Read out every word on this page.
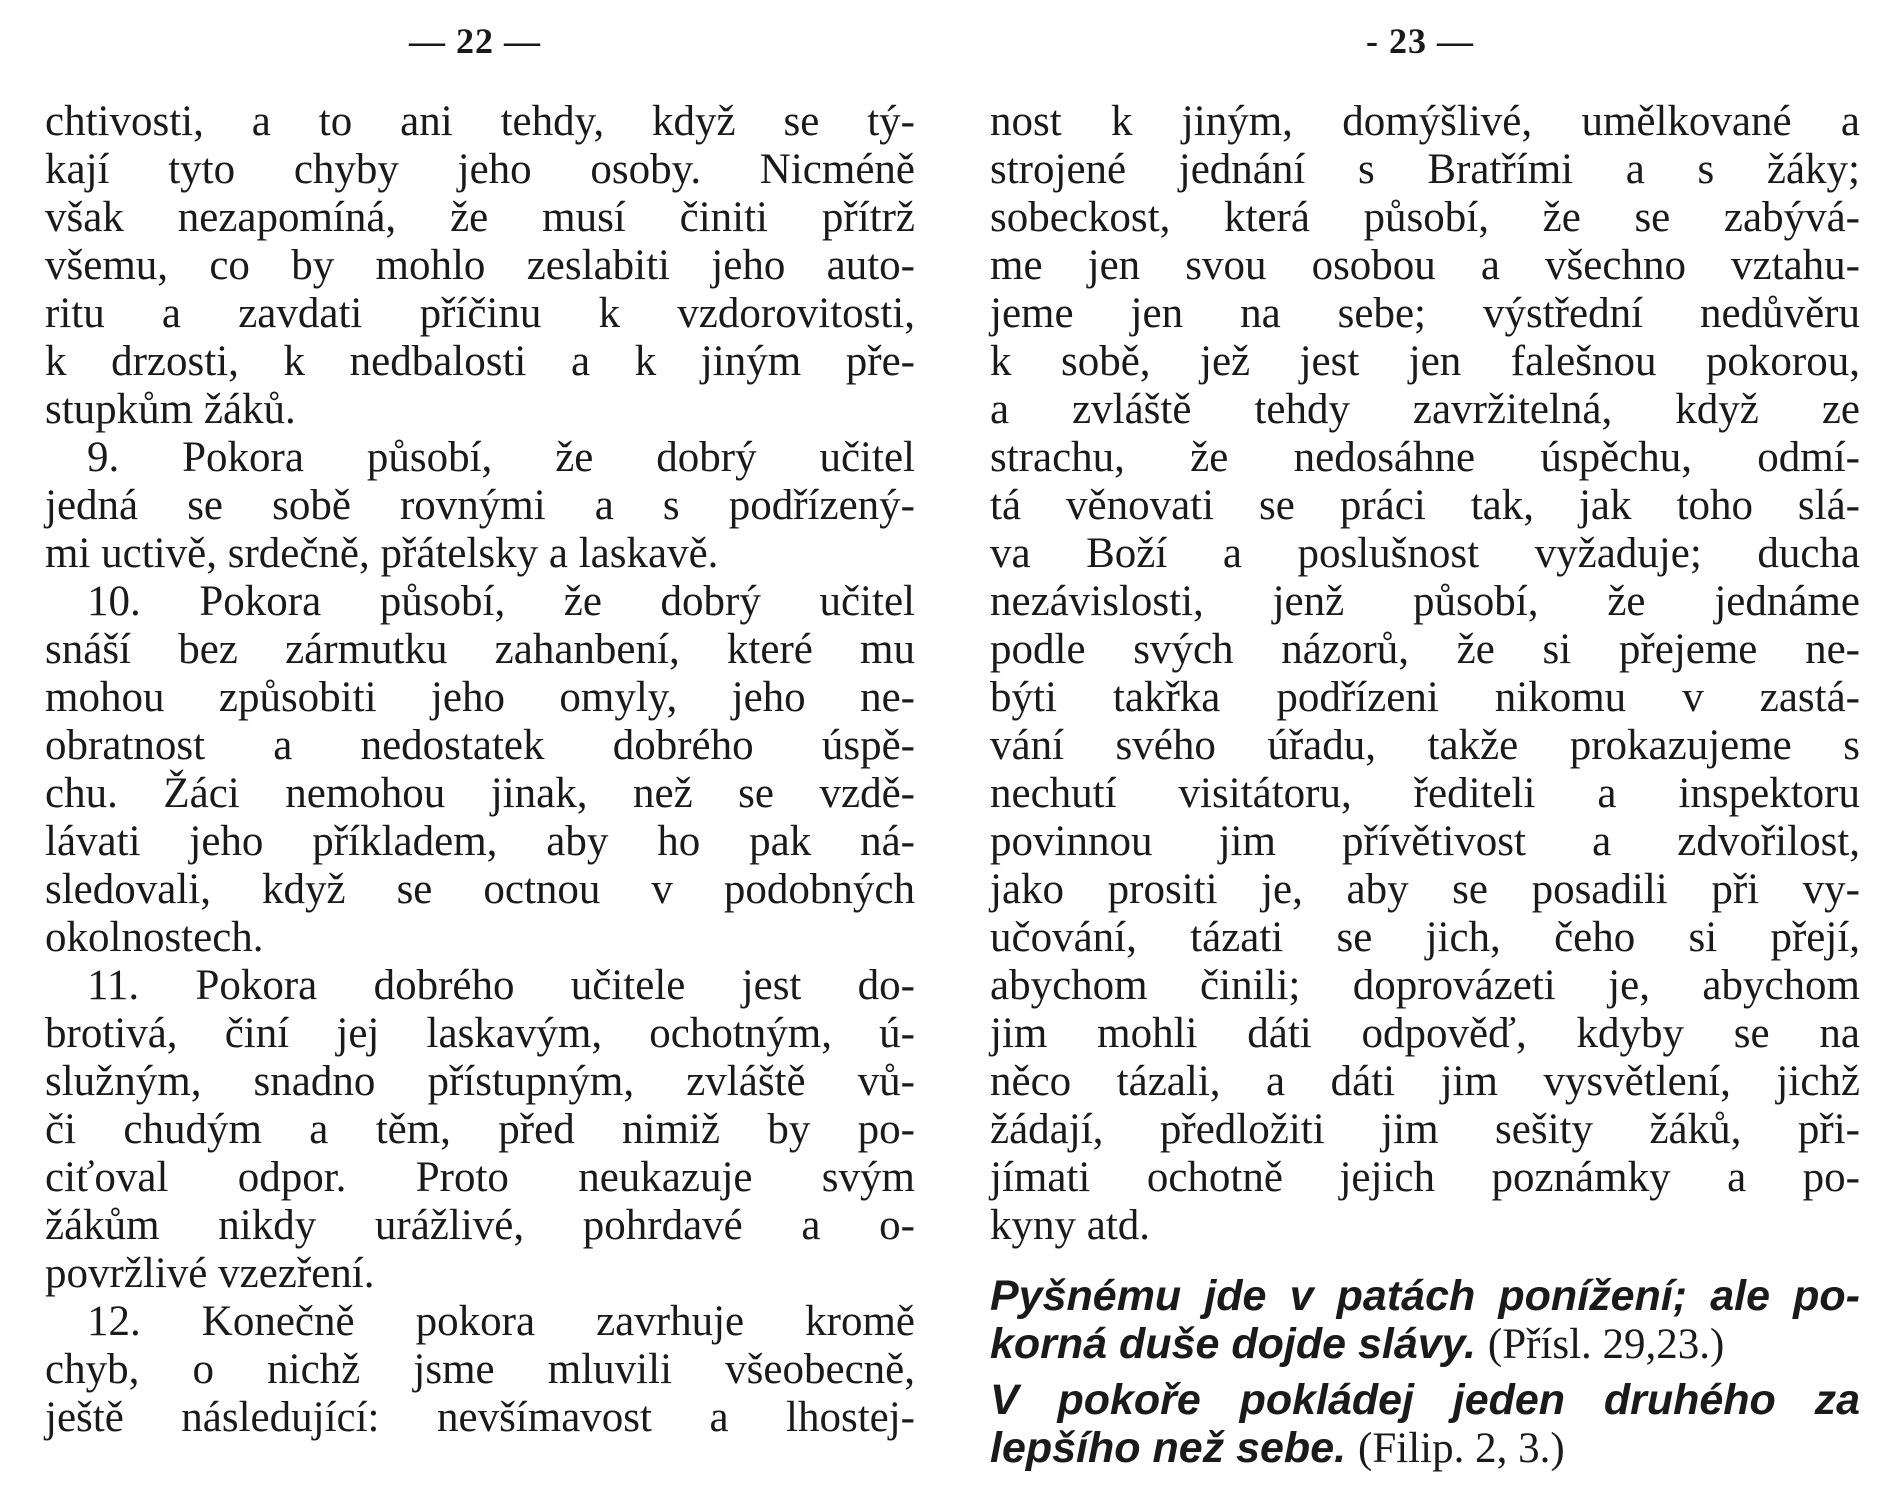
— 22 —
chtivosti, a to ani tehdy, když se tý-
kají tyto chyby jeho osoby. Nicméně
však nezapomíná, že musí činiti přítrž
všemu, co by mohlo zeslabiti jeho auto-
ritu a zavdati příčinu k vzdorovitosti,
k drzosti, k nedbalosti a k jiným pře-
stupkům žáků.
9. Pokora působí, že dobrý učitel
jedná se sobě rovnými a s podřízený-
mi uctivě, srdečně, přátelsky a laskavě.
10. Pokora působí, že dobrý učitel
snáší bez zármutku zahanbení, které mu
mohou způsobiti jeho omyly, jeho ne-
obratnost a nedostatek dobrého úspě-
chu. Žáci nemohou jinak, než se vzdě-
lávati jeho příkladem, aby ho pak ná-
sledovali, když se octnou v podobných
okolnostech.
11. Pokora dobrého učitele jest do-
brotivá, činí jej laskavým, ochotným, ú-
služným, snadno přístupným, zvláště vů-
či chudým a těm, před nimiž by po-
ciťoval odpor. Proto neukazuje svým
žákům nikdy urážlivé, pohrdavé a o-
povržlivé vzezření.
12. Konečně pokora zavrhuje kromě
chyb, o nichž jsme mluvili všeobecně,
ještě následující: nevšímavost a lhostej-
- 23 —
nost k jiným, domýšlivé, umělkované a
strojené jednání s Bratřími a s žáky;
sobeckost, která působí, že se zabývá-
me jen svou osobou a všechno vztahu-
jeme jen na sebe; výstřední nedůvěru
k sobě, jež jest jen falešnou pokorou,
a zvláště tehdy zavržitelná, když ze
strachu, že nedosáhne úspěchu, odmí-
tá věnovati se práci tak, jak toho slá-
va Boží a poslušnost vyžaduje; ducha
nezávislosti, jenž působí, že jednáme
podle svých názorů, že si přejeme ne-
býti takřka podřízeni nikomu v zastá-
vání svého úřadu, takže prokazujeme s
nechutí visitátoru, řediteli a inspektoru
povinnou jim přívětivost a zdvořilost,
jako prositi je, aby se posadili při vy-
učování, tázati se jich, čeho si přejí,
abychom činili; doprovázeti je, abychom
jim mohli dáti odpověď, kdyby se na
něco tázali, a dáti jim vysvětlení, jichž
žádají, předložiti jim sešity žáků, při-
jímati ochotně jejich poznámky a po-
kyny atd.
Pyšnému jde v patách ponížení; ale po-
korná duše dojde slávy. (Přísl. 29,23.)
V pokoře pokládej jeden druhého za
lepšího než sebe. (Filip. 2, 3.)
